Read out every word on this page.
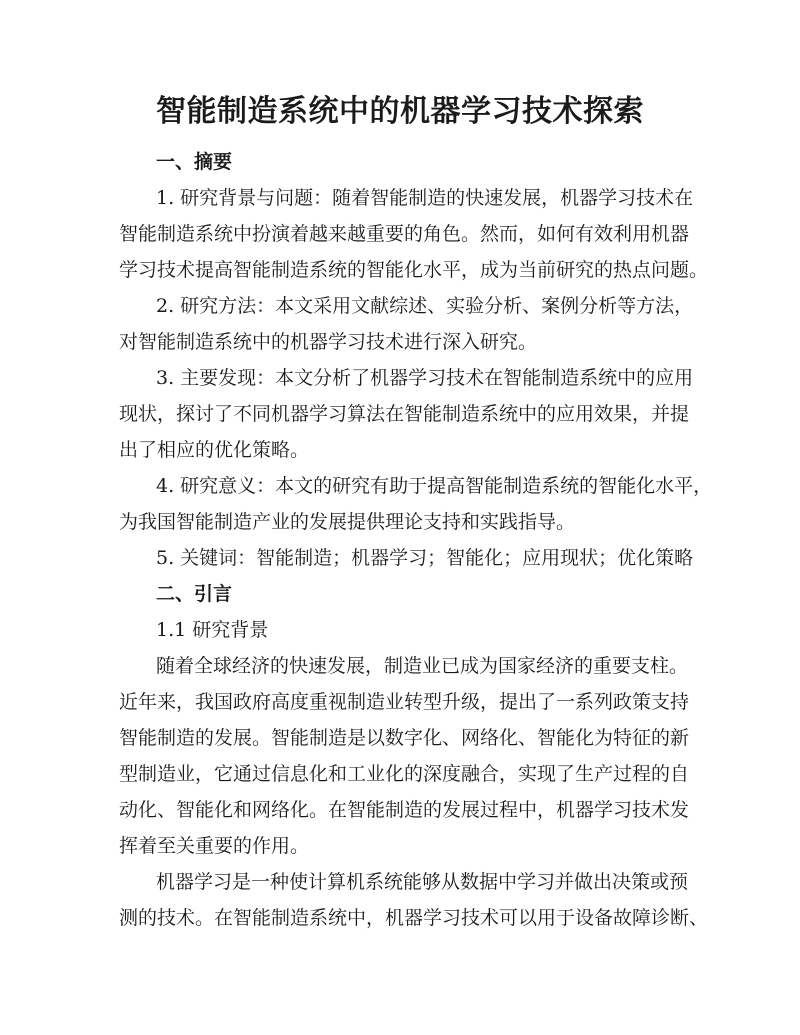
智能制造系统中的机器学习技术探索
一、摘要
1. 研究背景与问题：随着智能制造的快速发展，机器学习技术在
智能制造系统中扮演着越来越重要的角色。然而，如何有效利用机器
学习技术提高智能制造系统的智能化水平，成为当前研究的热点问题。
2. 研究方法：本文采用文献综述、实验分析、案例分析等方法，
对智能制造系统中的机器学习技术进行深入研究。
3. 主要发现：本文分析了机器学习技术在智能制造系统中的应用
现状，探讨了不同机器学习算法在智能制造系统中的应用效果，并提
出了相应的优化策略。
4. 研究意义：本文的研究有助于提高智能制造系统的智能化水平，
为我国智能制造产业的发展提供理论支持和实践指导。
5. 关键词：智能制造；机器学习；智能化；应用现状；优化策略
二、引言
1.1 研究背景
随着全球经济的快速发展，制造业已成为国家经济的重要支柱。
近年来，我国政府高度重视制造业转型升级，提出了一系列政策支持
智能制造的发展。智能制造是以数字化、网络化、智能化为特征的新
型制造业，它通过信息化和工业化的深度融合，实现了生产过程的自
动化、智能化和网络化。在智能制造的发展过程中，机器学习技术发
挥着至关重要的作用。
机器学习是一种使计算机系统能够从数据中学习并做出决策或预
测的技术。在智能制造系统中，机器学习技术可以用于设备故障诊断、
